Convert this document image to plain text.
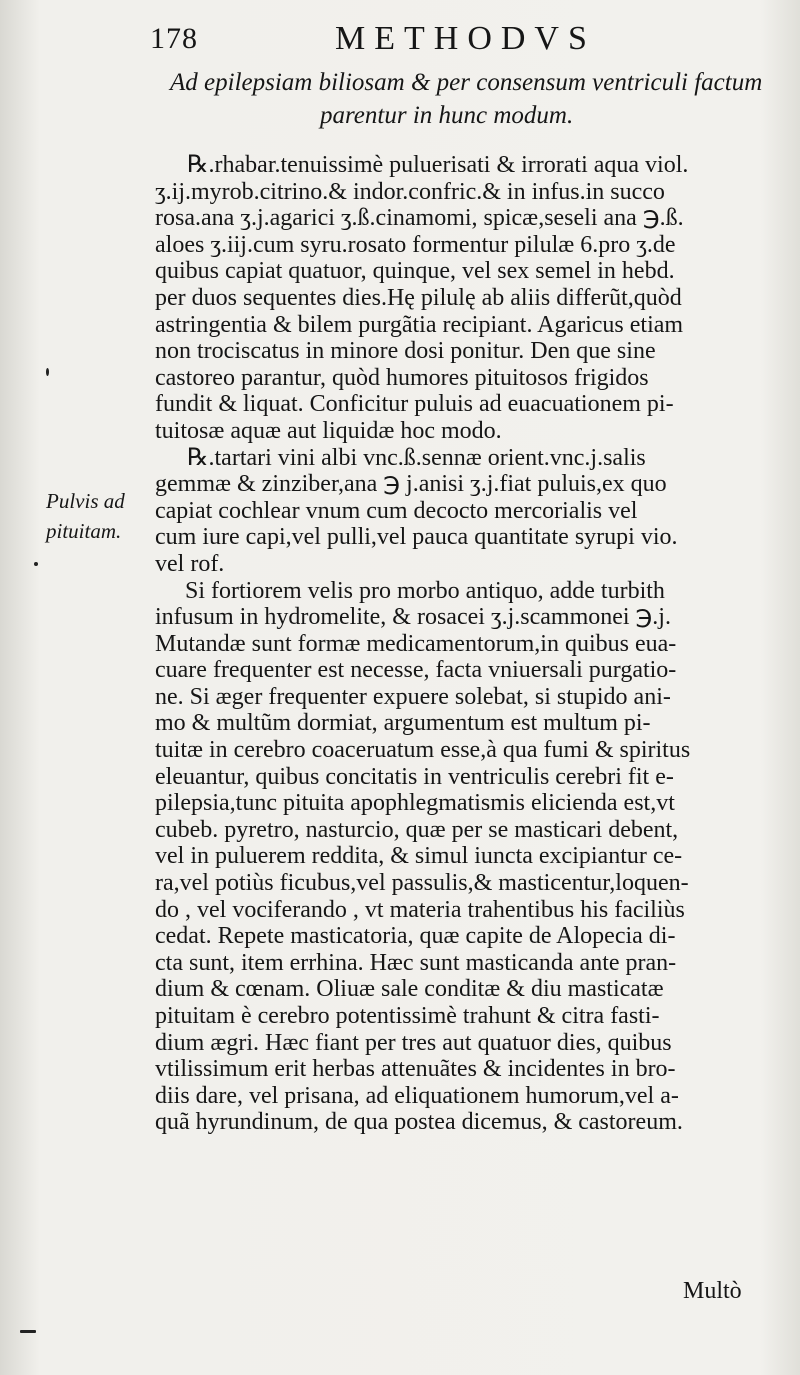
178	METHODVS
Ad epilepsiam biliosam & per consensum ventriculi factum
parentur in hunc modum.
Pulvis ad
pituitam.
℞.rhabar.tenuissimè puluerisati & irrorati aqua viol.
ʒ.ij.myrob.citrino.& indor.confric.& in infus.in succo
rosa.ana ʒ.j.agarici ʒ.ß.cinamomi, spicæ,seseli ana ℈.ß.
aloes ʒ.iij.cum syru.rosato formentur pilulæ 6.pro ʒ.de
quibus capiat quatuor, quinque, vel sex semel in hebd.
per duos sequentes dies.Hę pilulę ab aliis differũt,quòd
astringentia & bilem purgãtia recipiant. Agaricus etiam
non trociscatus in minore dosi ponitur. Den que sine
castoreo parantur, quòd humores pituitosos frigidos
fundit & liquat. Conficitur puluis ad euacuationem pi-
tuitosæ aquæ aut liquidæ hoc modo.
℞.tartari vini albi vnc.ß.sennæ orient.vnc.j.salis
gemmæ & zinziber,ana ℈ j.anisi ʒ.j.fiat puluis,ex quo
capiat cochlear vnum cum decocto mercorialis vel
cum iure capi,vel pulli,vel pauca quantitate syrupi vio.
vel rof.
Si fortiorem velis pro morbo antiquo, adde turbith
infusum in hydromelite, & rosacei ʒ.j.scammonei ℈.j.
Mutandæ sunt formæ medicamentorum,in quibus eua-
cuare frequenter est necesse, facta vniuersali purgatio-
ne. Si æger frequenter expuere solebat, si stupido ani-
mo & multũm dormiat, argumentum est multum pi-
tuitæ in cerebro coaceruatum esse,à qua fumi & spiritus
eleuantur, quibus concitatis in ventriculis cerebri fit e-
pilepsia,tunc pituita apophlegmatismis elicienda est,vt
cubeb. pyretro, nasturcio, quæ per se masticari debent,
vel in puluerem reddita, & simul iuncta excipiantur ce-
ra,vel potiùs ficubus,vel passulis,& masticentur,loquen-
do , vel vociferando , vt materia trahentibus his faciliùs
cedat. Repete masticatoria, quæ capite de Alopecia di-
cta sunt, item errhina. Hæc sunt masticanda ante pran-
dium & cœnam. Oliuæ sale conditæ & diu masticatæ
pituitam è cerebro potentissimè trahunt & citra fasti-
dium ægri. Hæc fiant per tres aut quatuor dies, quibus
vtilissimum erit herbas attenuãtes & incidentes in bro-
diis dare, vel prisana, ad eliquationem humorum,vel a-
quã hyrundinum, de qua postea dicemus, & castoreum.
Multò
